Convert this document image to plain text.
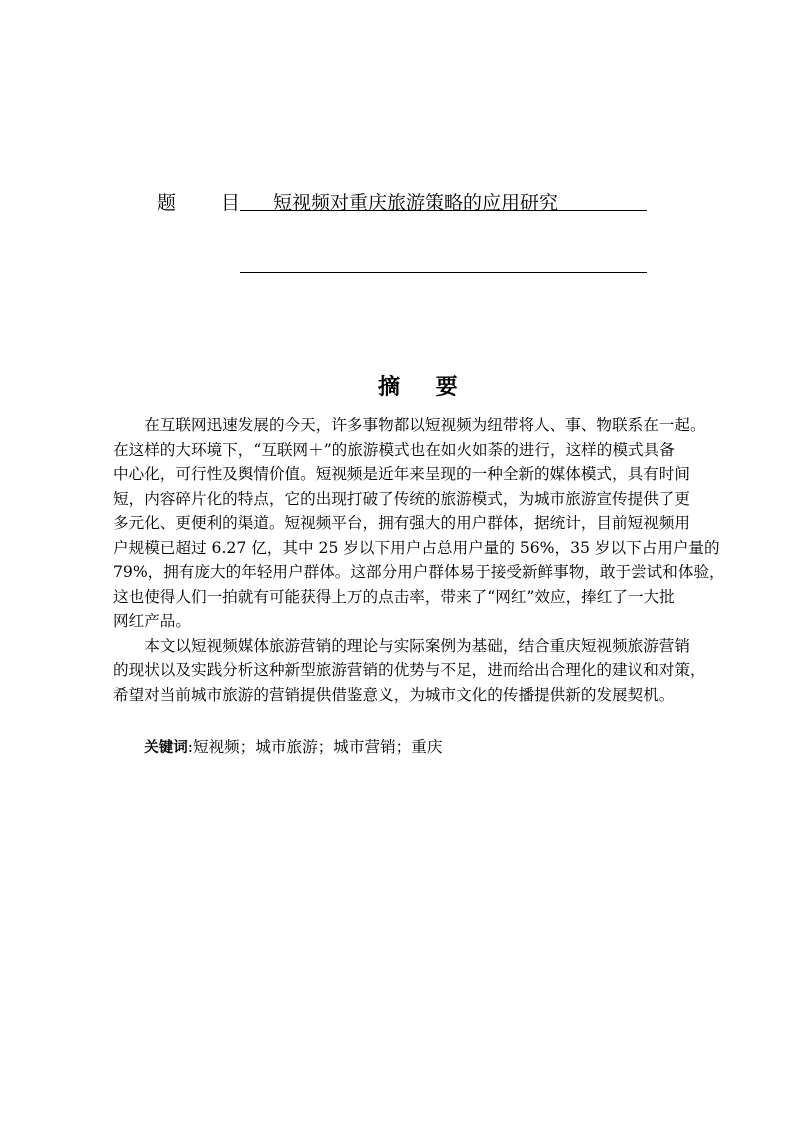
题 目 短视频对重庆旅游策略的应用研究
摘 要
　　在互联网迅速发展的今天，许多事物都以短视频为纽带将人、事、物联系在一起。
在这样的大环境下，“互联网＋”的旅游模式也在如火如荼的进行，这样的模式具备
中心化，可行性及舆情价值。短视频是近年来呈现的一种全新的媒体模式，具有时间
短，内容碎片化的特点，它的出现打破了传统的旅游模式，为城市旅游宣传提供了更
多元化、更便利的渠道。短视频平台，拥有强大的用户群体，据统计，目前短视频用
户规模已超过 6.27 亿，其中 25 岁以下用户占总用户量的 56%，35 岁以下占用户量的
79%，拥有庞大的年轻用户群体。这部分用户群体易于接受新鲜事物，敢于尝试和体验，
这也使得人们一拍就有可能获得上万的点击率，带来了“网红”效应，捧红了一大批
网红产品。
　　本文以短视频媒体旅游营销的理论与实际案例为基础，结合重庆短视频旅游营销
的现状以及实践分析这种新型旅游营销的优势与不足，进而给出合理化的建议和对策，
希望对当前城市旅游的营销提供借鉴意义，为城市文化的传播提供新的发展契机。
　　关键词:短视频；城市旅游；城市营销；重庆
